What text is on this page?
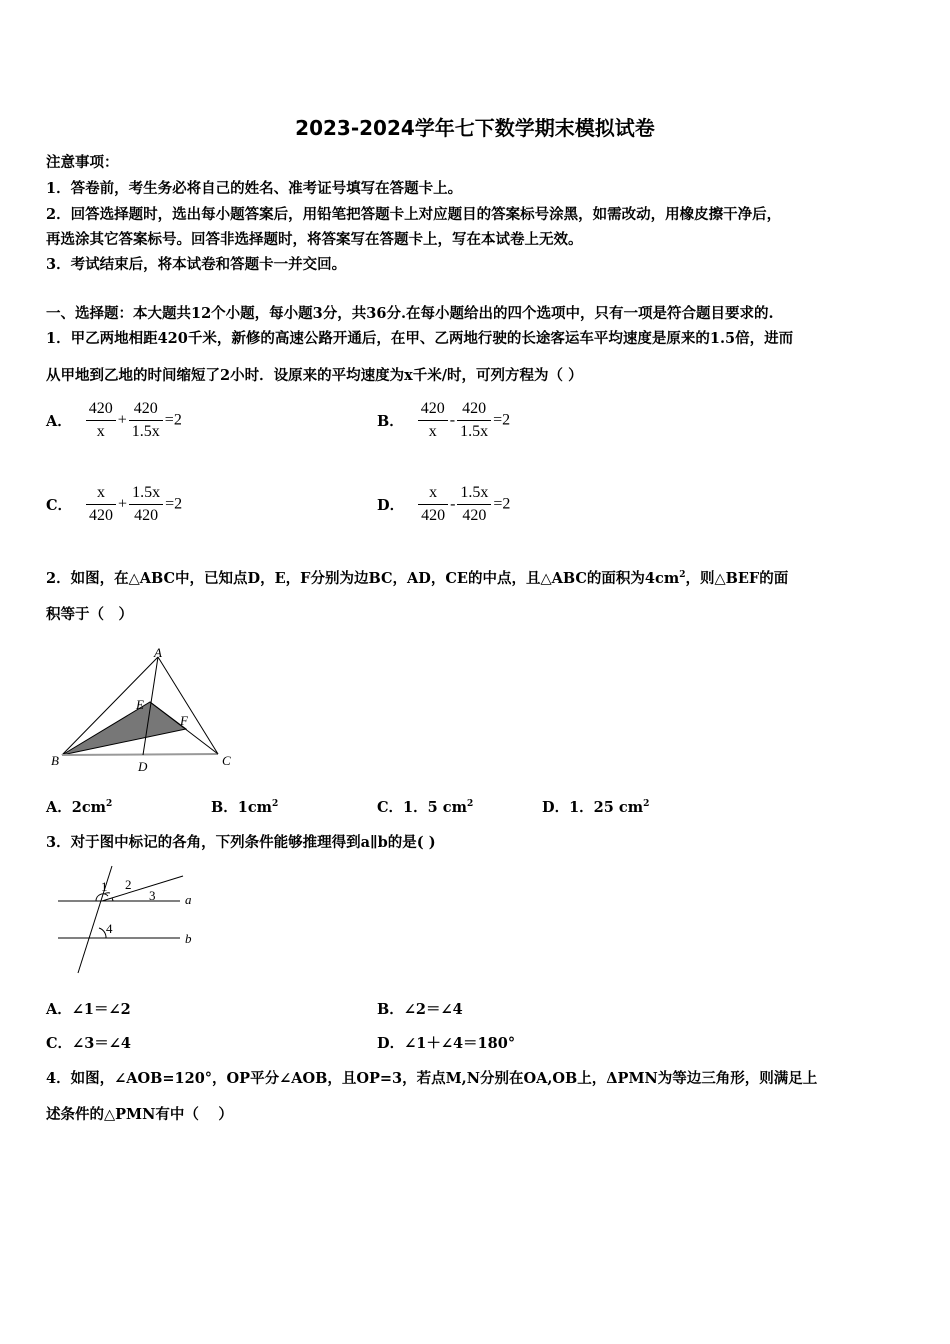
2023-2024学年七下数学期末模拟试卷
注意事项：
1．答卷前，考生务必将自己的姓名、准考证号填写在答题卡上。
2．回答选择题时，选出每小题答案后，用铅笔把答题卡上对应题目的答案标号涂黑，如需改动，用橡皮擦干净后，
再选涂其它答案标号。回答非选择题时，将答案写在答题卡上，写在本试卷上无效。
3．考试结束后，将本试卷和答题卡一并交回。
一、选择题：本大题共12个小题，每小题3分，共36分.在每小题给出的四个选项中，只有一项是符合题目要求的.
1．甲乙两地相距420千米，新修的高速公路开通后，在甲、乙两地行驶的长途客运车平均速度是原来的1.5倍，进而
从甲地到乙地的时间缩短了2小时．设原来的平均速度为x千米/时，可列方程为（ ）
A． $\frac{420}{x} + \frac{420}{1.5x} =2$	B． $\frac{420}{x} - \frac{420}{1.5x} =2$
C． $\frac{x}{420} + \frac{1.5x}{420} =2$	D． $\frac{x}{420} - \frac{1.5x}{420} =2$
2．如图，在△ABC中，已知点D，E，F分别为边BC，AD，CE的中点，且△ABC的面积为$4cm^2$，则△BEF的面
积等于（　）
A
B	C
D
E
F
1 2
3
4
a
b
A．$2cm^2$	B．$1cm^2$	C．1．5 $cm^2$	D．1．25 $cm^2$
3．对于图中标记的各角，下列条件能够推理得到a∥b的是( )
A．∠1＝∠2	B．∠2＝∠4
C．∠3＝∠4	D．∠1＋∠4＝180°
4．如图，∠AOB=120°，OP平分∠AOB，且OP=3，若点M,N分别在OA,OB上，ΔPMN为等边三角形，则满足上
述条件的△PMN有中（　 ）
